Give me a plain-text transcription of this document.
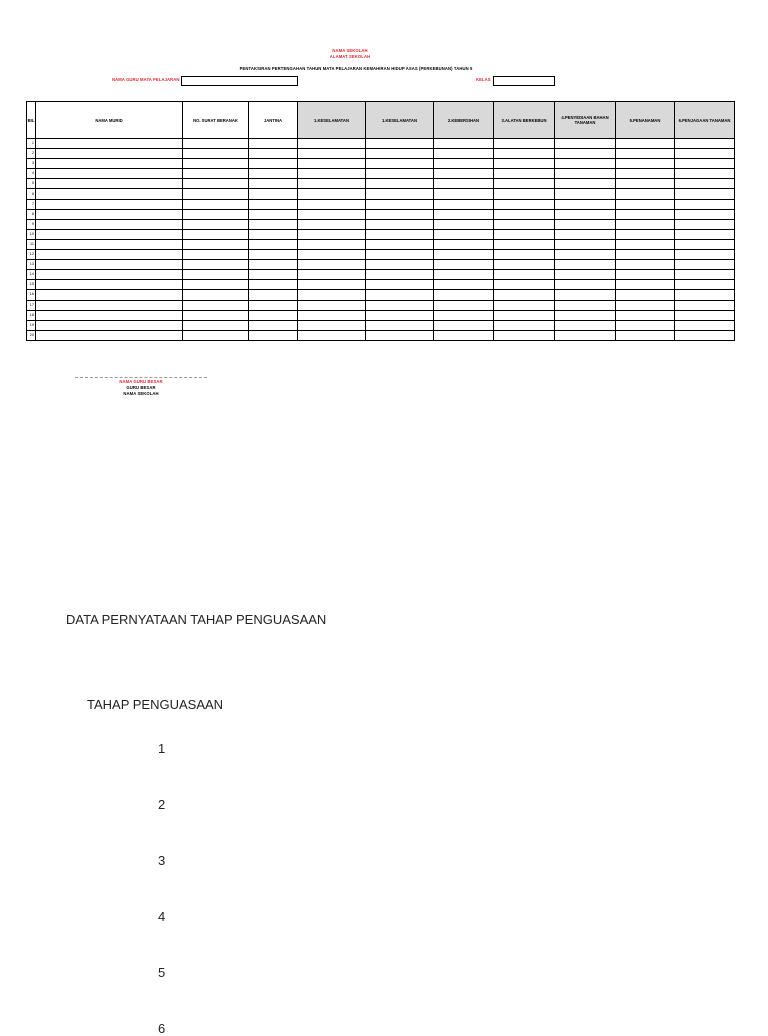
NAMA SEKOLAH
ALAMAT SEKOLAH
PENTAKSIRAN PERTENGAHAN TAHUN MATA PELAJARAN KEMAHIRAN HIDUP ASAS (PERKEBUNAN) TAHUN 5
NAMA GURU MATA PELAJARAN	KELAS
BIL	NAMA MURID	NO. SURAT BERANAK	JANTINA	1.KESELAMATAN	1.KESELAMATAN	2.KEBERSIHAN	3.ALATAN BERKEBUN	4.PENYEDIAAN BAHAN TANAMAN	5.PENANAMAN	6.PENJAGAAN TANAMAN
1										
2										
3										
4										
5										
6										
7										
8										
9										
10										
11										
12										
13										
14										
15										
16										
17										
18										
19										
20										
NAMA GURU BESAR
GURU BESAR
NAMA SEKOLAH
DATA PERNYATAAN TAHAP PENGUASAAN
TAHAP PENGUASAAN
1
2
3
4
5
6
